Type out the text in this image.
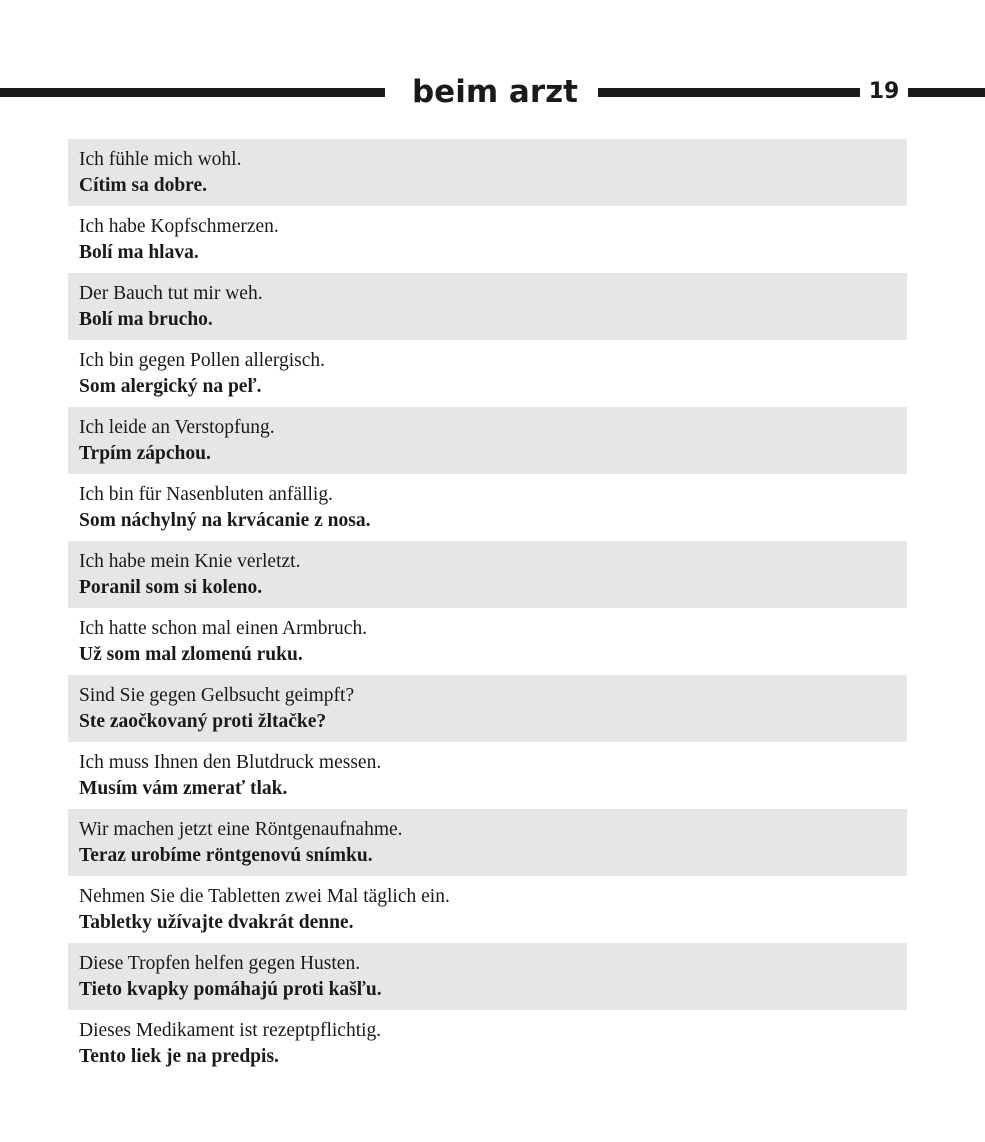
beim arzt	19
Ich fühle mich wohl.
Cítim sa dobre.
Ich habe Kopfschmerzen.
Bolí ma hlava.
Der Bauch tut mir weh.
Bolí ma brucho.
Ich bin gegen Pollen allergisch.
Som alergický na peľ.
Ich leide an Verstopfung.
Trpím zápchou.
Ich bin für Nasenbluten anfällig.
Som náchylný na krvácanie z nosa.
Ich habe mein Knie verletzt.
Poranil som si koleno.
Ich hatte schon mal einen Armbruch.
Už som mal zlomenú ruku.
Sind Sie gegen Gelbsucht geimpft?
Ste zaočkovaný proti žltačke?
Ich muss Ihnen den Blutdruck messen.
Musím vám zmerať tlak.
Wir machen jetzt eine Röntgenaufnahme.
Teraz urobíme röntgenovú snímku.
Nehmen Sie die Tabletten zwei Mal täglich ein.
Tabletky užívajte dvakrát denne.
Diese Tropfen helfen gegen Husten.
Tieto kvapky pomáhajú proti kašľu.
Dieses Medikament ist rezeptpflichtig.
Tento liek je na predpis.
